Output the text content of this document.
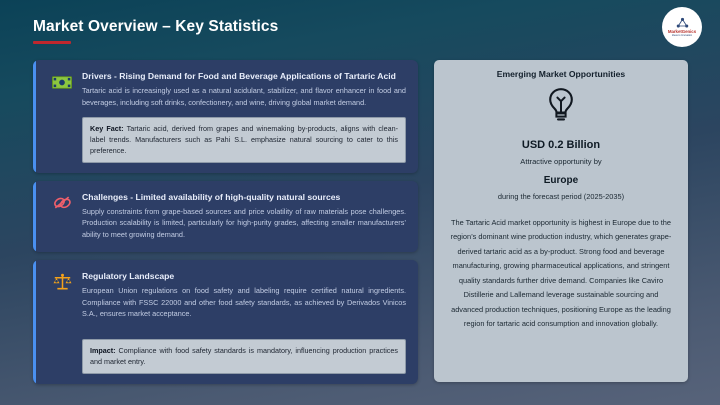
Market Overview – Key Statistics	MarketGenics
Ideas to Innovation
Drivers - Rising Demand for Food and Beverage Applications of Tartaric Acid
Tartaric acid is increasingly used as a natural acidulant, stabilizer, and flavor enhancer in food and beverages, including soft drinks, confectionery, and wine, driving global market demand.
Key Fact: Tartaric acid, derived from grapes and winemaking by-products, aligns with clean-label trends. Manufacturers such as Pahi S.L. emphasize natural sourcing to cater to this preference.
Challenges - Limited availability of high-quality natural sources
Supply constraints from grape-based sources and price volatility of raw materials pose challenges. Production scalability is limited, particularly for high-purity grades, affecting smaller manufacturers’ ability to meet growing demand.
Regulatory Landscape
European Union regulations on food safety and labeling require certified natural ingredients. Compliance with FSSC 22000 and other food safety standards, as achieved by Derivados Vinicos S.A., ensures market acceptance.
Impact: Compliance with food safety standards is mandatory, influencing production practices and market entry.
Emerging Market Opportunities
USD 0.2 Billion
Attractive opportunity by
Europe
during the forecast period (2025-2035)
The Tartaric Acid market opportunity is highest in Europe due to the region’s dominant wine production industry, which generates grape-derived tartaric acid as a by-product. Strong food and beverage manufacturing, growing pharmaceutical applications, and stringent quality standards further drive demand. Companies like Caviro Distillerie and Lallemand leverage sustainable sourcing and advanced production techniques, positioning Europe as the leading region for tartaric acid consumption and innovation globally.
